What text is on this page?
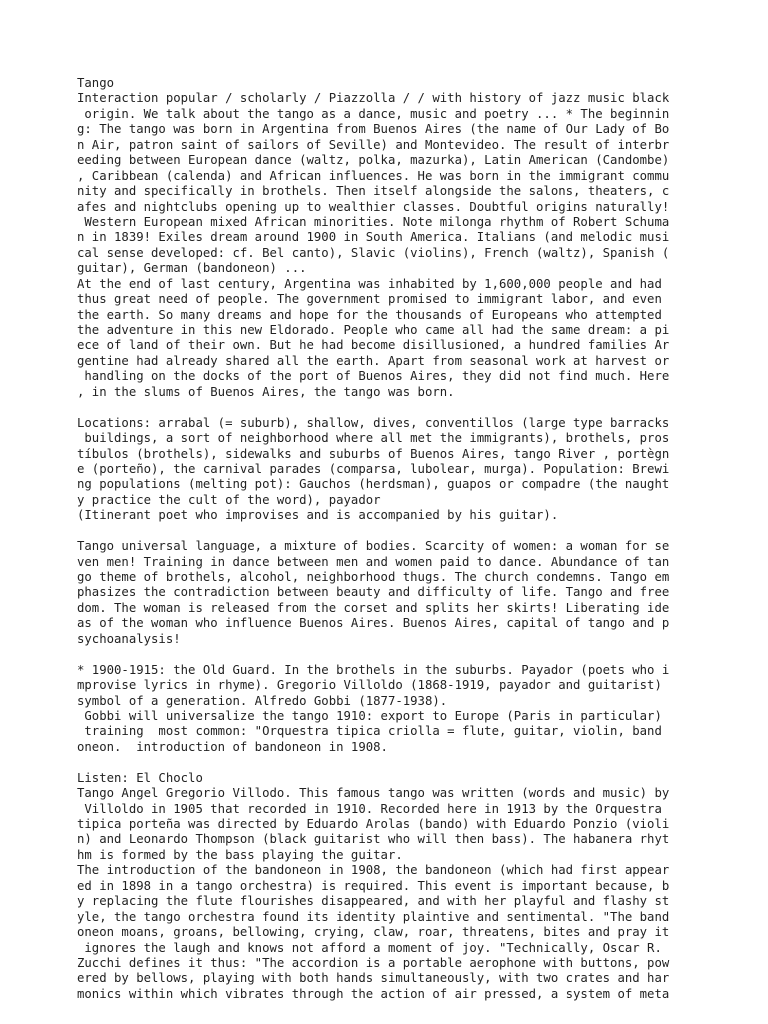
Tango
Interaction popular / scholarly / Piazzolla / / with history of jazz music black
origin. We talk about the tango as a dance, music and poetry ... * The beginnin
g: The tango was born in Argentina from Buenos Aires (the name of Our Lady of Bo
n Air, patron saint of sailors of Seville) and Montevideo. The result of interbr
eeding between European dance (waltz, polka, mazurka), Latin American (Candombe)
, Caribbean (calenda) and African influences. He was born in the immigrant commu
nity and specifically in brothels. Then itself alongside the salons, theaters, c
afes and nightclubs opening up to wealthier classes. Doubtful origins naturally!
Western European mixed African minorities. Note milonga rhythm of Robert Schuma
n in 1839! Exiles dream around 1900 in South America. Italians (and melodic musi
cal sense developed: cf. Bel canto), Slavic (violins), French (waltz), Spanish (
guitar), German (bandoneon) ...
At the end of last century, Argentina was inhabited by 1,600,000 people and had
thus great need of people. The government promised to immigrant labor, and even
the earth. So many dreams and hope for the thousands of Europeans who attempted
the adventure in this new Eldorado. People who came all had the same dream: a pi
ece of land of their own. But he had become disillusioned, a hundred families Ar
gentine had already shared all the earth. Apart from seasonal work at harvest or
handling on the docks of the port of Buenos Aires, they did not find much. Here
, in the slums of Buenos Aires, the tango was born.
Locations: arrabal (= suburb), shallow, dives, conventillos (large type barracks
buildings, a sort of neighborhood where all met the immigrants), brothels, pros
tíbulos (brothels), sidewalks and suburbs of Buenos Aires, tango River , portègn
e (porteño), the carnival parades (comparsa, lubolear, murga). Population: Brewi
ng populations (melting pot): Gauchos (herdsman), guapos or compadre (the naught
y practice the cult of the word), payador
(Itinerant poet who improvises and is accompanied by his guitar).
Tango universal language, a mixture of bodies. Scarcity of women: a woman for se
ven men! Training in dance between men and women paid to dance. Abundance of tan
go theme of brothels, alcohol, neighborhood thugs. The church condemns. Tango em
phasizes the contradiction between beauty and difficulty of life. Tango and free
dom. The woman is released from the corset and splits her skirts! Liberating ide
as of the woman who influence Buenos Aires. Buenos Aires, capital of tango and p
sychoanalysis!
* 1900-1915: the Old Guard. In the brothels in the suburbs. Payador (poets who i
mprovise lyrics in rhyme). Gregorio Villoldo (1868-1919, payador and guitarist)
symbol of a generation. Alfredo Gobbi (1877-1938).
Gobbi will universalize the tango 1910: export to Europe (Paris in particular)
training  most common: "Orquestra tipica criolla = flute, guitar, violin, band
oneon.  introduction of bandoneon in 1908.
Listen: El Choclo
Tango Angel Gregorio Villodo. This famous tango was written (words and music) by
Villoldo in 1905 that recorded in 1910. Recorded here in 1913 by the Orquestra
tipica porteña was directed by Eduardo Arolas (bando) with Eduardo Ponzio (violi
n) and Leonardo Thompson (black guitarist who will then bass). The habanera rhyt
hm is formed by the bass playing the guitar.
The introduction of the bandoneon in 1908, the bandoneon (which had first appear
ed in 1898 in a tango orchestra) is required. This event is important because, b
y replacing the flute flourishes disappeared, and with her playful and flashy st
yle, the tango orchestra found its identity plaintive and sentimental. "The band
oneon moans, groans, bellowing, crying, claw, roar, threatens, bites and pray it
ignores the laugh and knows not afford a moment of joy. "Technically, Oscar R.
Zucchi defines it thus: "The accordion is a portable aerophone with buttons, pow
ered by bellows, playing with both hands simultaneously, with two crates and har
monics within which vibrates through the action of air pressed, a system of meta
